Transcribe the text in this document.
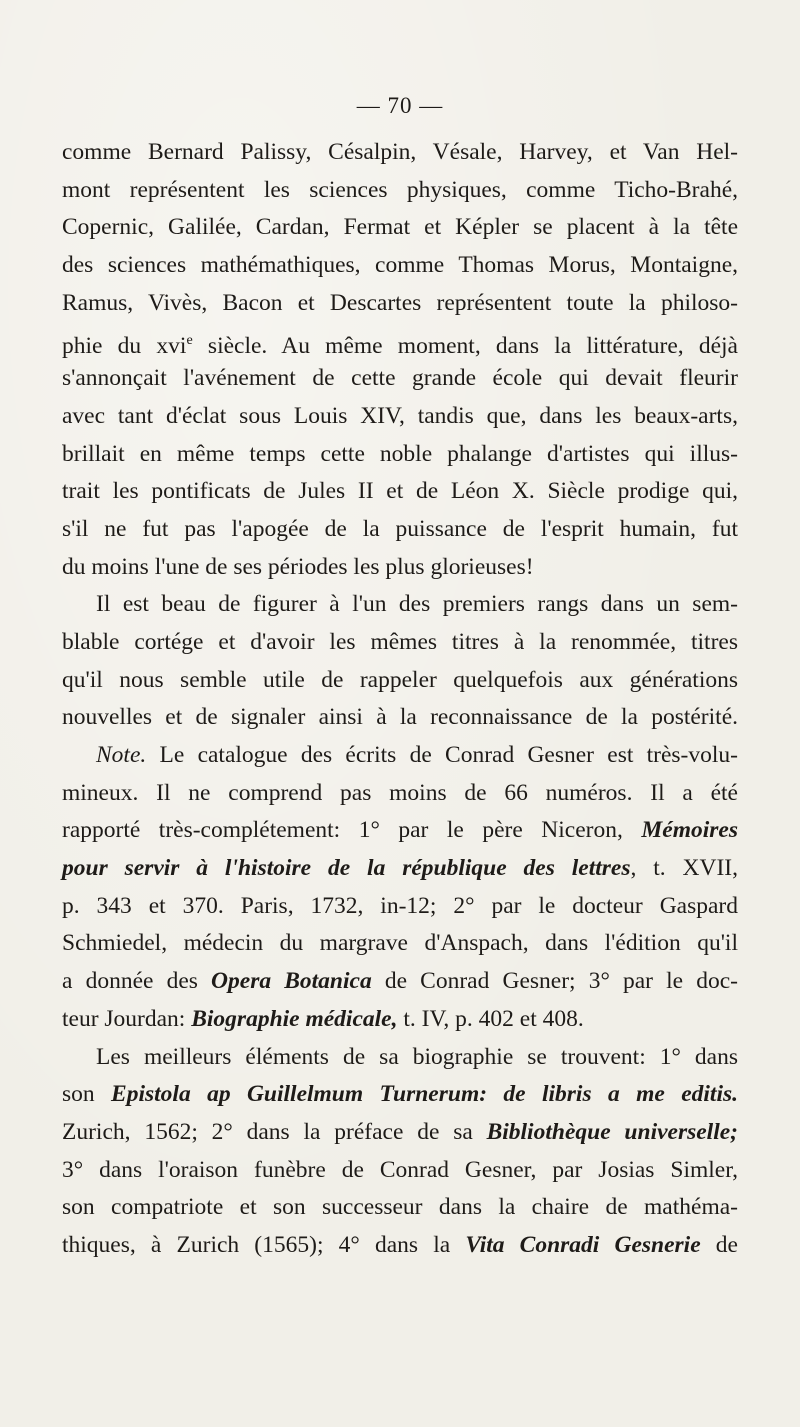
— 70 —
comme Bernard Palissy, Césalpin, Vésale, Harvey, et Van Hel-
mont représentent les sciences physiques, comme Ticho-Brahé,
Copernic, Galilée, Cardan, Fermat et Képler se placent à la tête
des sciences mathémathiques, comme Thomas Morus, Montaigne,
Ramus, Vivès, Bacon et Descartes représentent toute la philoso-
phie du xvi$^e$ siècle. Au même moment, dans la littérature, déjà
s'annonçait l'avénement de cette grande école qui devait fleurir
avec tant d'éclat sous Louis XIV, tandis que, dans les beaux-arts,
brillait en même temps cette noble phalange d'artistes qui illus-
trait les pontificats de Jules II et de Léon X. Siècle prodige qui,
s'il ne fut pas l'apogée de la puissance de l'esprit humain, fut
du moins l'une de ses périodes les plus glorieuses!
Il est beau de figurer à l'un des premiers rangs dans un sem-
blable cortége et d'avoir les mêmes titres à la renommée, titres
qu'il nous semble utile de rappeler quelquefois aux générations
nouvelles et de signaler ainsi à la reconnaissance de la postérité.
Note. Le catalogue des écrits de Conrad Gesner est très-volu-
mineux. Il ne comprend pas moins de 66 numéros. Il a été
rapporté très-complétement: 1° par le père Niceron, Mémoires
pour servir à l'histoire de la république des lettres, t. XVII,
p. 343 et 370. Paris, 1732, in-12; 2° par le docteur Gaspard
Schmiedel, médecin du margrave d'Anspach, dans l'édition qu'il
a donnée des Opera Botanica de Conrad Gesner; 3° par le doc-
teur Jourdan: Biographie médicale, t. IV, p. 402 et 408.
Les meilleurs éléments de sa biographie se trouvent: 1° dans
son Epistola ap Guillelmum Turnerum: de libris a me editis.
Zurich, 1562; 2° dans la préface de sa Bibliothèque universelle;
3° dans l'oraison funèbre de Conrad Gesner, par Josias Simler,
son compatriote et son successeur dans la chaire de mathéma-
thiques, à Zurich (1565); 4° dans la Vita Conradi Gesnerie de
